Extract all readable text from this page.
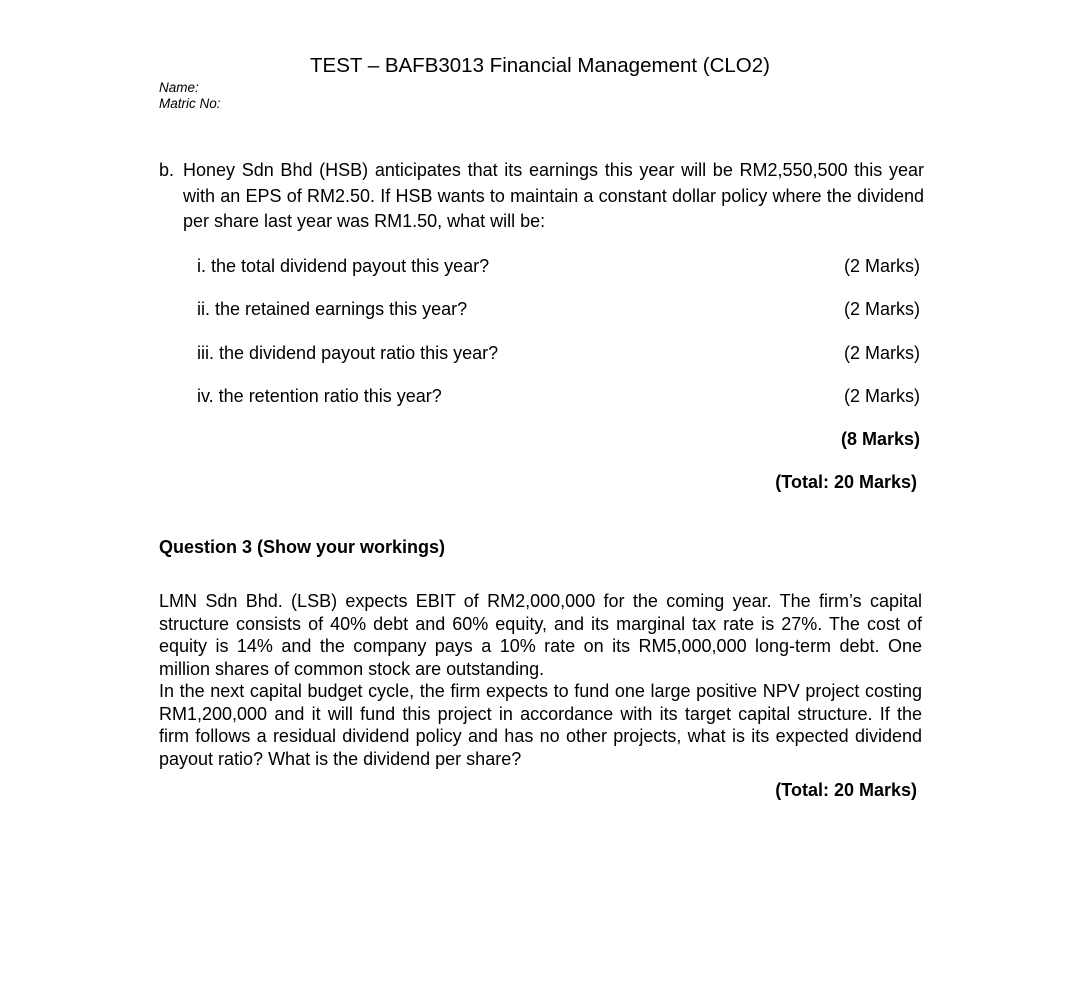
TEST – BAFB3013 Financial Management (CLO2)
Name:
Matric No:
b. Honey Sdn Bhd (HSB) anticipates that its earnings this year will be RM2,550,500 this year with an EPS of RM2.50. If HSB wants to maintain a constant dollar policy where the dividend per share last year was RM1.50, what will be:
i. the total dividend payout this year?	(2 Marks)
ii. the retained earnings this year?	(2 Marks)
iii. the dividend payout ratio this year?	(2 Marks)
iv. the retention ratio this year?	(2 Marks)
(8 Marks)
(Total: 20 Marks)
Question 3 (Show your workings)

LMN Sdn Bhd. (LSB) expects EBIT of RM2,000,000 for the coming year. The firm’s capital structure consists of 40% debt and 60% equity, and its marginal tax rate is 27%. The cost of equity is 14% and the company pays a 10% rate on its RM5,000,000 long-term debt. One million shares of common stock are outstanding.

In the next capital budget cycle, the firm expects to fund one large positive NPV project costing RM1,200,000 and it will fund this project in accordance with its target capital structure. If the firm follows a residual dividend policy and has no other projects, what is its expected dividend payout ratio? What is the dividend per share?

(Total: 20 Marks)
